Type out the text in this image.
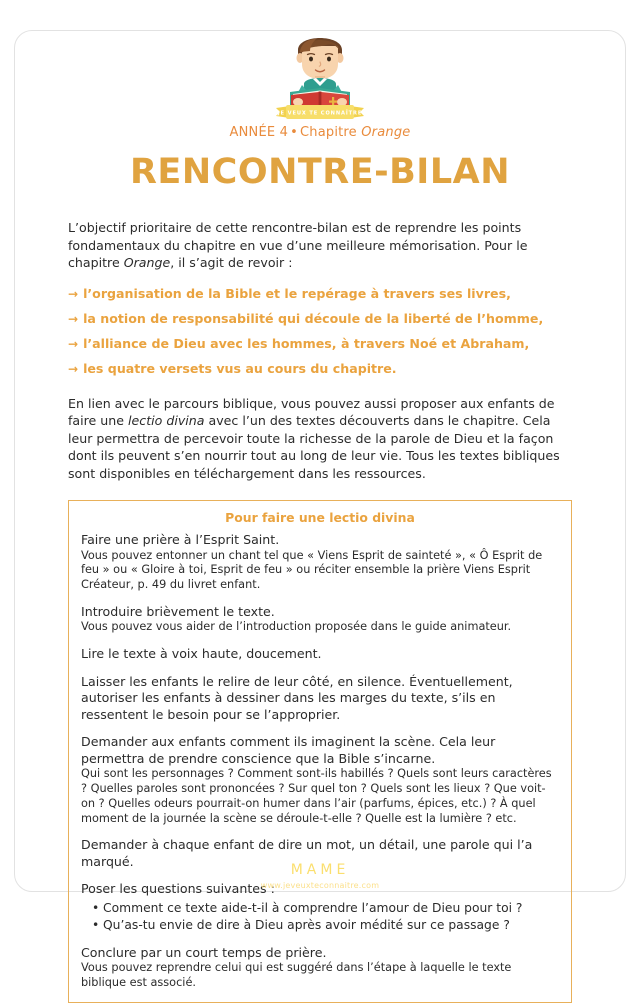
JE VEUX TE CONNAÎTRE
ANNÉE 4 • Chapitre Orange
RENCONTRE-BILAN

L’objectif prioritaire de cette rencontre-bilan est de reprendre les points fondamentaux du chapitre en vue d’une meilleure mémorisation. Pour le chapitre Orange, il s’agit de revoir :

→ l’organisation de la Bible et le repérage à travers ses livres,
→ la notion de responsabilité qui découle de la liberté de l’homme,
→ l’alliance de Dieu avec les hommes, à travers Noé et Abraham,
→ les quatre versets vus au cours du chapitre.

En lien avec le parcours biblique, vous pouvez aussi proposer aux enfants de faire une lectio divina avec l’un des textes découverts dans le chapitre. Cela leur permettra de percevoir toute la richesse de la parole de Dieu et la façon dont ils peuvent s’en nourrir tout au long de leur vie. Tous les textes bibliques sont disponibles en téléchargement dans les ressources.

Pour faire une lectio divina
Faire une prière à l’Esprit Saint.
Vous pouvez entonner un chant tel que « Viens Esprit de sainteté », « Ô Esprit de feu » ou « Gloire à toi, Esprit de feu » ou réciter ensemble la prière Viens Esprit Créateur, p. 49 du livret enfant.
Introduire brièvement le texte.
Vous pouvez vous aider de l’introduction proposée dans le guide animateur.
Lire le texte à voix haute, doucement.
Laisser les enfants le relire de leur côté, en silence. Éventuellement, autoriser les enfants à dessiner dans les marges du texte, s’ils en ressentent le besoin pour se l’approprier.
Demander aux enfants comment ils imaginent la scène. Cela leur permettra de prendre conscience que la Bible s’incarne.
Qui sont les personnages ? Comment sont-ils habillés ? Quels sont leurs caractères ? Quelles paroles sont prononcées ? Sur quel ton ? Quels sont les lieux ? Que voit-on ? Quelles odeurs pourrait-on humer dans l’air (parfums, épices, etc.) ? À quel moment de la journée la scène se déroule-t-elle ? Quelle est la lumière ? etc.
Demander à chaque enfant de dire un mot, un détail, une parole qui l’a marqué.
Poser les questions suivantes :
• Comment ce texte aide-t-il à comprendre l’amour de Dieu pour toi ?
• Qu’as-tu envie de dire à Dieu après avoir médité sur ce passage ?
Conclure par un court temps de prière.
Vous pouvez reprendre celui qui est suggéré dans l’étape à laquelle le texte biblique est associé.
MAME
www.jeveuxteconnaitre.com
